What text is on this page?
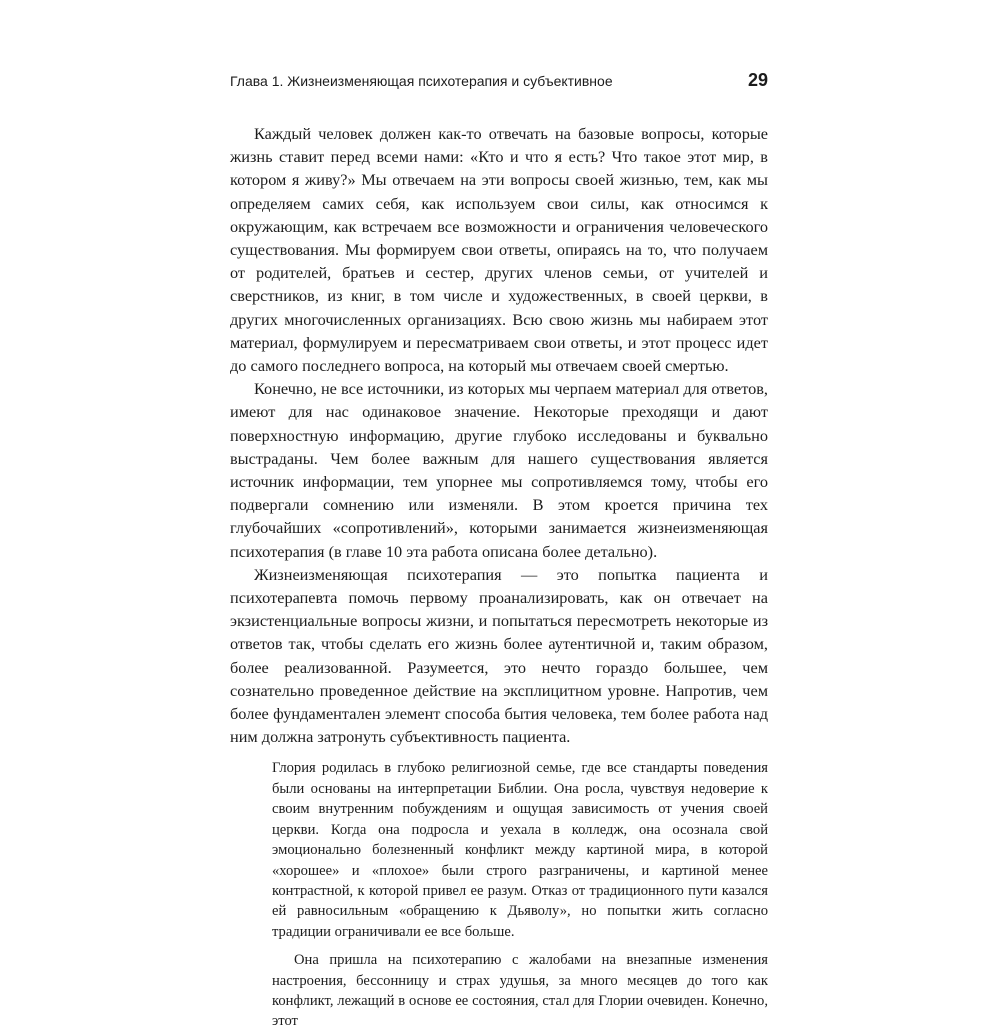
Глава 1. Жизнеизменяющая психотерапия и субъективное	29

Каждый человек должен как-то отвечать на базовые вопросы, которые жизнь ставит перед всеми нами: «Кто и что я есть? Что такое этот мир, в котором я живу?» Мы отвечаем на эти вопросы своей жизнью, тем, как мы определяем самих себя, как используем свои силы, как относимся к окружающим, как встречаем все возможности и ограничения человеческого существования. Мы формируем свои ответы, опираясь на то, что получаем от родителей, братьев и сестер, других членов семьи, от учителей и сверстников, из книг, в том числе и художественных, в своей церкви, в других многочисленных организациях. Всю свою жизнь мы набираем этот материал, формулируем и пересматриваем свои ответы, и этот процесс идет до самого последнего вопроса, на который мы отвечаем своей смертью.

Конечно, не все источники, из которых мы черпаем материал для ответов, имеют для нас одинаковое значение. Некоторые преходящи и дают поверхностную информацию, другие глубоко исследованы и буквально выстраданы. Чем более важным для нашего существования является источник информации, тем упорнее мы сопротивляемся тому, чтобы его подвергали сомнению или изменяли. В этом кроется причина тех глубочайших «сопротивлений», которыми занимается жизнеизменяющая психотерапия (в главе 10 эта работа описана более детально).

Жизнеизменяющая психотерапия — это попытка пациента и психотерапевта помочь первому проанализировать, как он отвечает на экзистенциальные вопросы жизни, и попытаться пересмотреть некоторые из ответов так, чтобы сделать его жизнь более аутентичной и, таким образом, более реализованной. Разумеется, это нечто гораздо большее, чем сознательно проведенное действие на эксплицитном уровне. Напротив, чем более фундаментален элемент способа бытия человека, тем более работа над ним должна затронуть субъективность пациента.

Глория родилась в глубоко религиозной семье, где все стандарты поведения были основаны на интерпретации Библии. Она росла, чувствуя недоверие к своим внутренним побуждениям и ощущая зависимость от учения своей церкви. Когда она подросла и уехала в колледж, она осознала свой эмоционально болезненный конфликт между картиной мира, в которой «хорошее» и «плохое» были строго разграничены, и картиной менее контрастной, к которой привел ее разум. Отказ от традиционного пути казался ей равносильным «обращению к Дьяволу», но попытки жить согласно традиции ограничивали ее все больше.

Она пришла на психотерапию с жалобами на внезапные изменения настроения, бессонницу и страх удушья, за много месяцев до того как конфликт, лежащий в основе ее состояния, стал для Глории очевиден. Конечно, этот
